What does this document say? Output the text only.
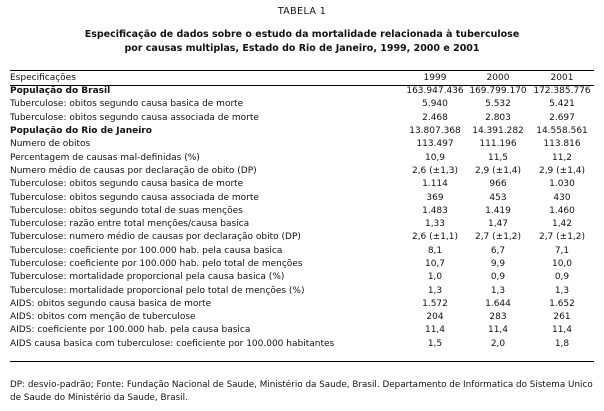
TABELA 1
Especificação de dados sobre o estudo da mortalidade relacionada à tuberculose
por causas multiplas, Estado do Rio de Janeiro, 1999, 2000 e 2001
Especificações	1999	2000	2001
População do Brasil	163.947.436	169.799.170	172.385.776
Tuberculose: obitos segundo causa basica de morte	5.940	5.532	5.421
Tuberculose: obitos segundo causa associada de morte	2.468	2.803	2.697
População do Rio de Janeiro	13.807.368	14.391.282	14.558.561
Numero de obitos	113.497	111.196	113.816
Percentagem de causas mal-definidas (%)	10,9	11,5	11,2
Numero médio de causas por declaração de obito (DP)	2,6 (±1,3)	2,9 (±1,4)	2,9 (±1,4)
Tuberculose: obitos segundo causa basica de morte	1.114	966	1.030
Tuberculose: obitos segundo causa associada de morte	369	453	430
Tuberculose: obitos segundo total de suas menções	1.483	1.419	1.460
Tuberculose: razão entre total menções/causa basica	1,33	1,47	1,42
Tuberculose: numero médio de causas por declaração obito (DP)	2,6 (±1,1)	2,7 (±1,2)	2,7 (±1,2)
Tuberculose: coeficiente por 100.000 hab. pela causa basica	8,1	6,7	7,1
Tuberculose: coeficiente por 100.000 hab. pelo total de menções	10,7	9,9	10,0
Tuberculose: mortalidade proporcional pela causa basica (%)	1,0	0,9	0,9
Tuberculose: mortalidade proporcional pelo total de menções (%)	1,3	1,3	1,3
AIDS: obitos segundo causa basica de morte	1.572	1.644	1.652
AIDS: obitos com menção de tuberculose	204	283	261
AIDS: coeficiente por 100.000 hab. pela causa basica	11,4	11,4	11,4
AIDS causa basica com tuberculose: coeficiente por 100.000 habitantes	1,5	2,0	1,8
DP: desvio-padrão; Fonte: Fundação Nacional de Saude, Ministério da Saude, Brasil. Departamento de Informatica do Sistema Unico de Saude do Ministério da Saude, Brasil.
